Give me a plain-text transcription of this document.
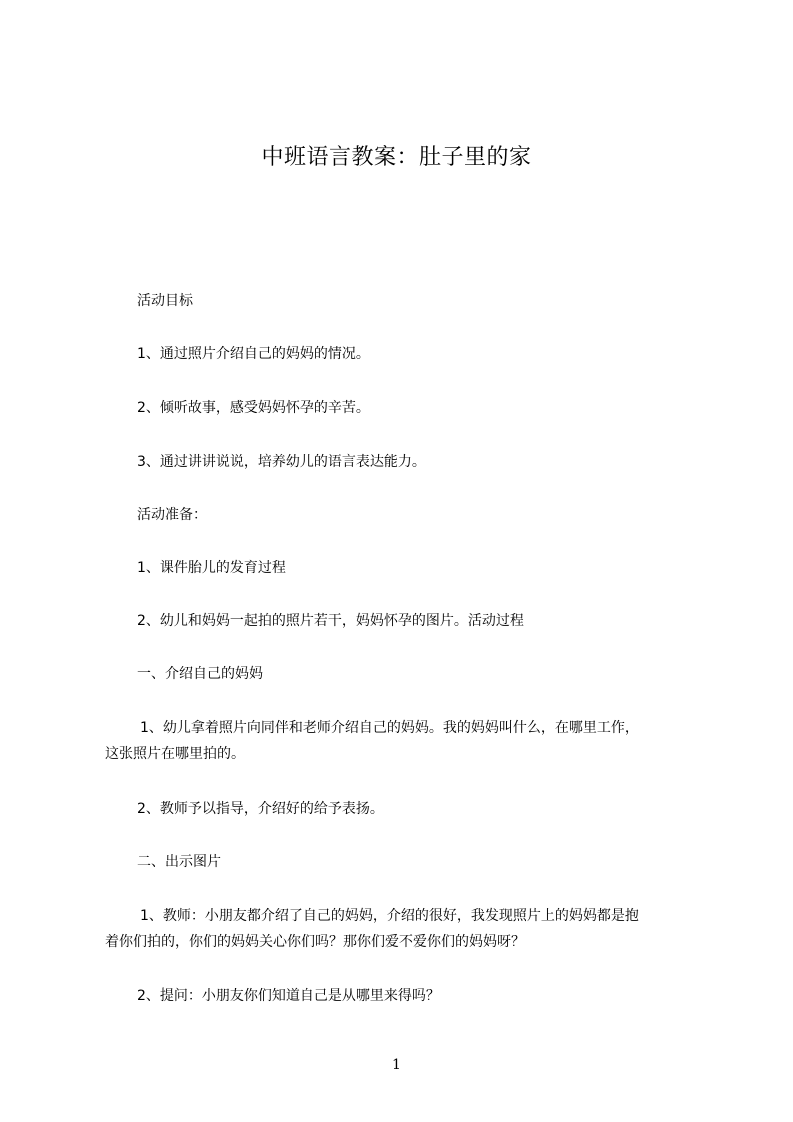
中班语言教案：肚子里的家
活动目标
1、通过照片介绍自己的妈妈的情况。
2、倾听故事，感受妈妈怀孕的辛苦。
3、通过讲讲说说，培养幼儿的语言表达能力。
活动准备：
1、课件胎儿的发育过程
2、幼儿和妈妈一起拍的照片若干，妈妈怀孕的图片。活动过程
一、介绍自己的妈妈
1、幼儿拿着照片向同伴和老师介绍自己的妈妈。我的妈妈叫什么，在哪里工作，
这张照片在哪里拍的。
2、教师予以指导，介绍好的给予表扬。
二、出示图片
1、教师：小朋友都介绍了自己的妈妈，介绍的很好，我发现照片上的妈妈都是抱
着你们拍的，你们的妈妈关心你们吗？那你们爱不爱你们的妈妈呀？
2、提问：小朋友你们知道自己是从哪里来得吗？
1
